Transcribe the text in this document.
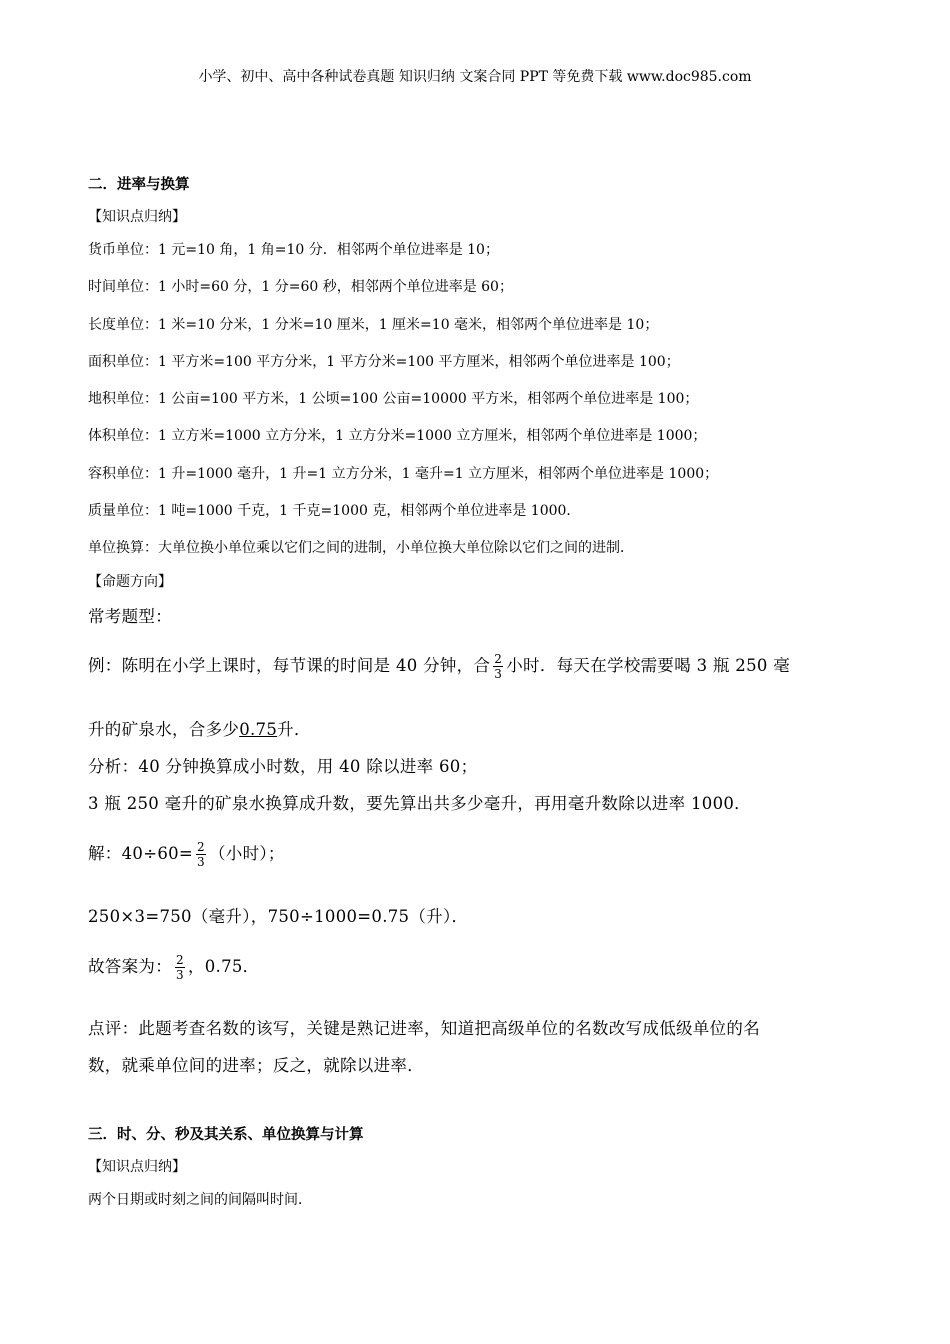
小学、初中、高中各种试卷真题 知识归纳 文案合同 PPT 等免费下载 www.doc985.com
二．进率与换算
【知识点归纳】
货币单位：1 元=10 角，1 角=10 分．相邻两个单位进率是 10；
时间单位：1 小时=60 分，1 分=60 秒，相邻两个单位进率是 60；
长度单位：1 米=10 分米，1 分米=10 厘米，1 厘米=10 毫米，相邻两个单位进率是 10；
面积单位：1 平方米=100 平方分米，1 平方分米=100 平方厘米，相邻两个单位进率是 100；
地积单位：1 公亩=100 平方米，1 公顷=100 公亩=10000 平方米，相邻两个单位进率是 100；
体积单位：1 立方米=1000 立方分米，1 立方分米=1000 立方厘米，相邻两个单位进率是 1000；
容积单位：1 升=1000 毫升，1 升=1 立方分米，1 毫升=1 立方厘米，相邻两个单位进率是 1000；
质量单位：1 吨=1000 千克，1 千克=1000 克，相邻两个单位进率是 1000．
单位换算：大单位换小单位乘以它们之间的进制，小单位换大单位除以它们之间的进制．
【命题方向】
常考题型：
例：陈明在小学上课时，每节课的时间是 40 分钟，合 $\frac{2}{3}$ 小时．每天在学校需要喝 3 瓶 250 毫
升的矿泉水，合多少0.75升．
分析：40 分钟换算成小时数，用 40 除以进率 60；
3 瓶 250 毫升的矿泉水换算成升数，要先算出共多少毫升，再用毫升数除以进率 1000．
解：$40\div 60= \frac{2}{3}$ （小时）；
250×3=750（毫升），750÷1000=0.75（升）．
故答案为： $\frac{2}{3}$ ，0.75．
点评：此题考查名数的该写，关键是熟记进率，知道把高级单位的名数改写成低级单位的名
数，就乘单位间的进率；反之，就除以进率．
三．时、分、秒及其关系、单位换算与计算
【知识点归纳】
两个日期或时刻之间的间隔叫时间．
